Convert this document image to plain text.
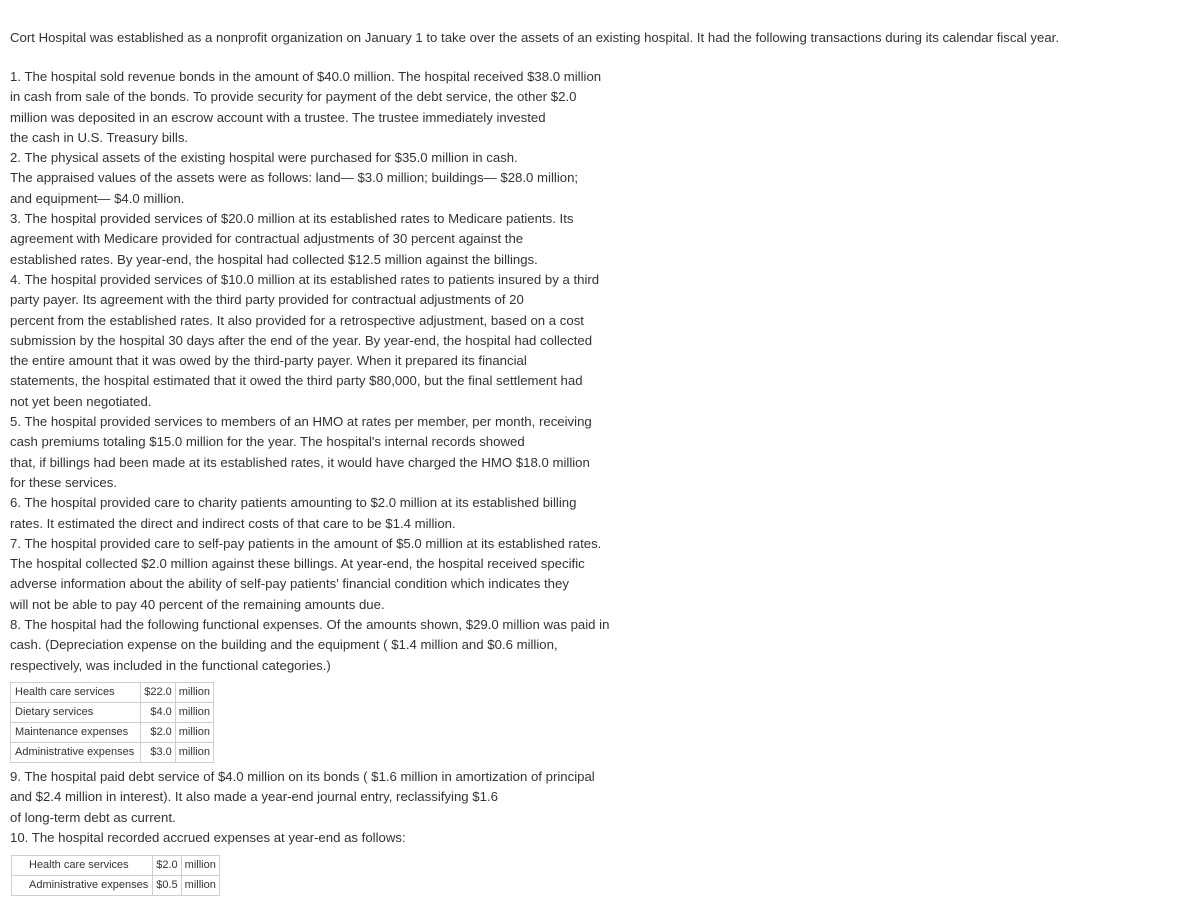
Cort Hospital was established as a nonprofit organization on January 1 to take over the assets of an existing hospital. It had the following transactions during its calendar fiscal year.
1. The hospital sold revenue bonds in the amount of $40.0 million. The hospital received $38.0 million
in cash from sale of the bonds. To provide security for payment of the debt service, the other $2.0
million was deposited in an escrow account with a trustee. The trustee immediately invested
the cash in U.S. Treasury bills.
2. The physical assets of the existing hospital were purchased for $35.0 million in cash.
The appraised values of the assets were as follows: land— $3.0 million; buildings— $28.0 million;
and equipment— $4.0 million.
3. The hospital provided services of $20.0 million at its established rates to Medicare patients. Its
agreement with Medicare provided for contractual adjustments of 30 percent against the
established rates. By year-end, the hospital had collected $12.5 million against the billings.
4. The hospital provided services of $10.0 million at its established rates to patients insured by a third
party payer. Its agreement with the third party provided for contractual adjustments of 20
percent from the established rates. It also provided for a retrospective adjustment, based on a cost
submission by the hospital 30 days after the end of the year. By year-end, the hospital had collected
the entire amount that it was owed by the third-party payer. When it prepared its financial
statements, the hospital estimated that it owed the third party $80,000, but the final settlement had
not yet been negotiated.
5. The hospital provided services to members of an HMO at rates per member, per month, receiving
cash premiums totaling $15.0 million for the year. The hospital's internal records showed
that, if billings had been made at its established rates, it would have charged the HMO $18.0 million
for these services.
6. The hospital provided care to charity patients amounting to $2.0 million at its established billing
rates. It estimated the direct and indirect costs of that care to be $1.4 million.
7. The hospital provided care to self-pay patients in the amount of $5.0 million at its established rates.
The hospital collected $2.0 million against these billings. At year-end, the hospital received specific
adverse information about the ability of self-pay patients' financial condition which indicates they
will not be able to pay 40 percent of the remaining amounts due.
8. The hospital had the following functional expenses. Of the amounts shown, $29.0 million was paid in
cash. (Depreciation expense on the building and the equipment ( $1.4 million and $0.6 million,
respectively, was included in the functional categories.)
Health care services	$22.0	million
Dietary services	$4.0	million
Maintenance expenses	$2.0	million
Administrative expenses	$3.0	million
9. The hospital paid debt service of $4.0 million on its bonds ( $1.6 million in amortization of principal
and $2.4 million in interest). It also made a year-end journal entry, reclassifying $1.6
of long-term debt as current.
10. The hospital recorded accrued expenses at year-end as follows:
Health care services	$2.0	million
Administrative expenses	$0.5	million
